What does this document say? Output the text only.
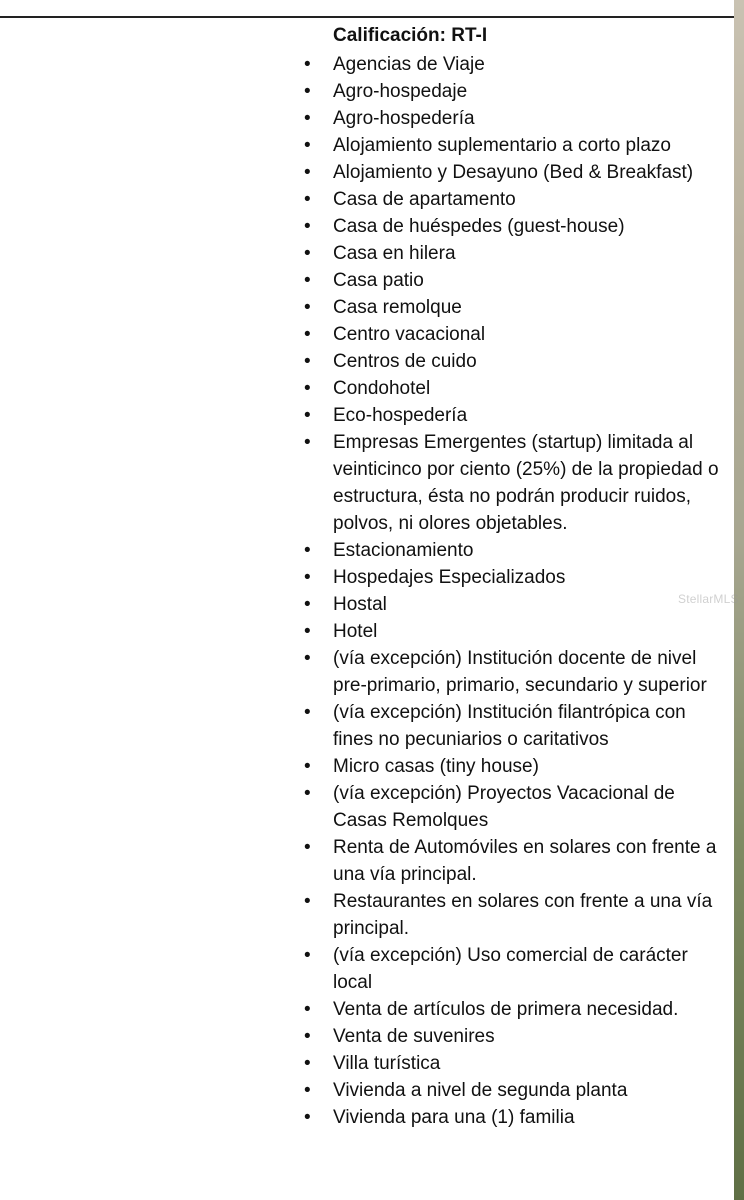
Calificación: RT-I
• Agencias de Viaje
• Agro-hospedaje
• Agro-hospedería
• Alojamiento suplementario a corto plazo
• Alojamiento y Desayuno (Bed & Breakfast)
• Casa de apartamento
• Casa de huéspedes (guest-house)
• Casa en hilera
• Casa patio
• Casa remolque
• Centro vacacional
• Centros de cuido
• Condohotel
• Eco-hospedería
• Empresas Emergentes (startup) limitada al veinticinco por ciento (25%) de la propiedad o estructura, ésta no podrán producir ruidos, polvos, ni olores objetables.
• Estacionamiento
• Hospedajes Especializados
• Hostal
• Hotel
• (vía excepción) Institución docente de nivel pre-primario, primario, secundario y superior
• (vía excepción) Institución filantrópica con fines no pecuniarios o caritativos
• Micro casas (tiny house)
• (vía excepción) Proyectos Vacacional de Casas Remolques
• Renta de Automóviles en solares con frente a una vía principal.
• Restaurantes en solares con frente a una vía principal.
• (vía excepción) Uso comercial de carácter local
• Venta de artículos de primera necesidad.
• Venta de suvenires
• Villa turística
• Vivienda a nivel de segunda planta
• Vivienda para una (1) familia
StellarMLS
